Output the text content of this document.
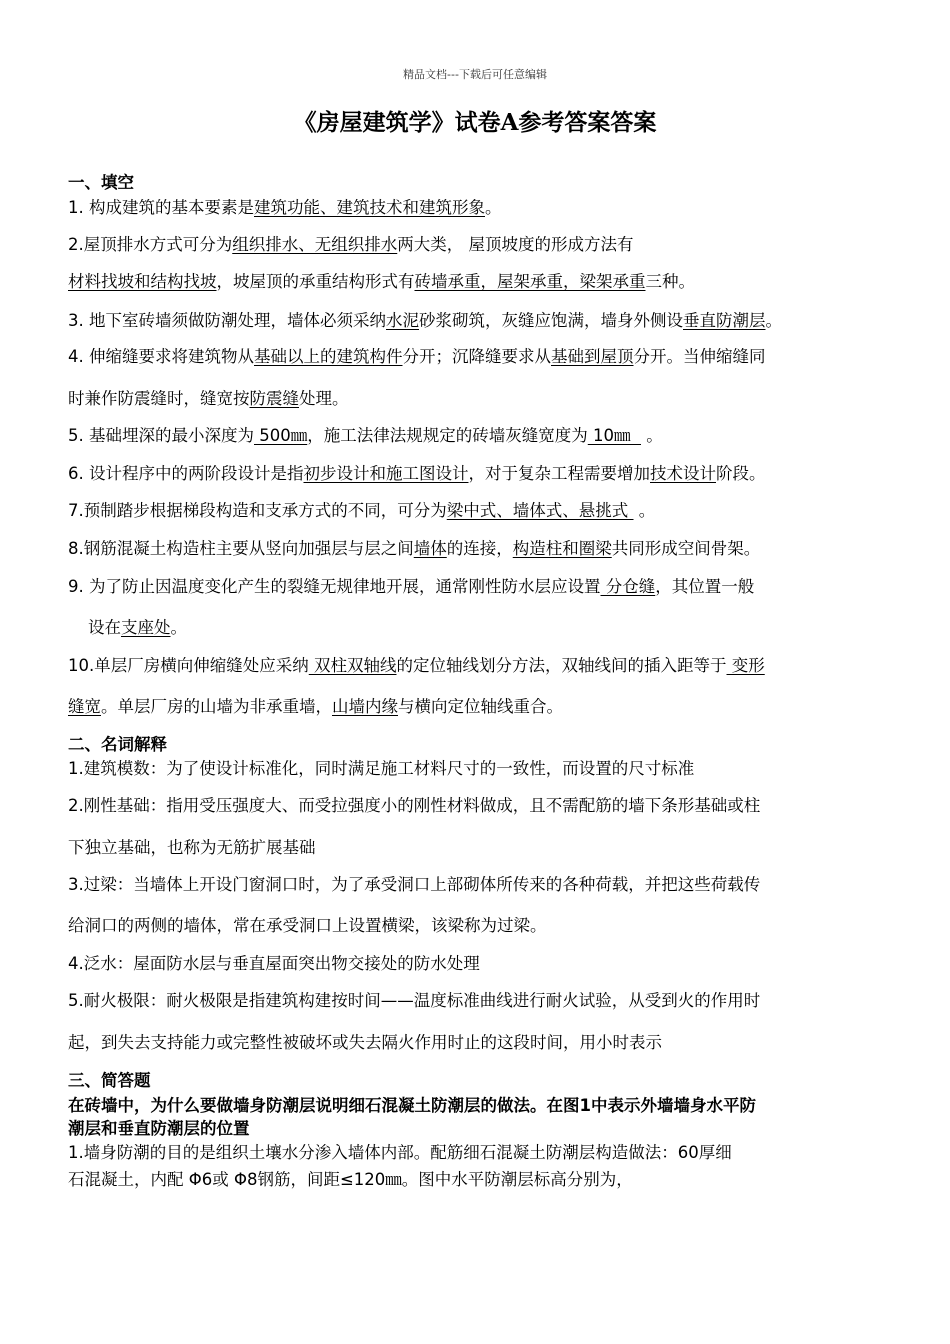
精品文档---下载后可任意编辑
《房屋建筑学》试卷A参考答案答案
一、填空
1. 构成建筑的基本要素是建筑功能、建筑技术和建筑形象。
2.屋顶排水方式可分为组织排水、无组织排水两大类， 屋顶坡度的形成方法有
材料找坡和结构找坡，坡屋顶的承重结构形式有砖墙承重，屋架承重，梁架承重三种。
3. 地下室砖墙须做防潮处理，墙体必须采纳水泥砂浆砌筑，灰缝应饱满，墙身外侧设垂直防潮层。
4. 伸缩缝要求将建筑物从基础以上的建筑构件分开；沉降缝要求从基础到屋顶分开。当伸缩缝同
时兼作防震缝时，缝宽按防震缝处理。
5. 基础埋深的最小深度为 500㎜，施工法律法规规定的砖墙灰缝宽度为 10㎜   。
6. 设计程序中的两阶段设计是指初步设计和施工图设计，对于复杂工程需要增加技术设计阶段。
7.预制踏步根据梯段构造和支承方式的不同，可分为梁中式、墙体式、悬挑式  。
8.钢筋混凝土构造柱主要从竖向加强层与层之间墙体的连接，构造柱和圈梁共同形成空间骨架。
9. 为了防止因温度变化产生的裂缝无规律地开展，通常刚性防水层应设置 分仓缝，其位置一般
设在支座处。
10.单层厂房横向伸缩缝处应采纳 双柱双轴线的定位轴线划分方法，双轴线间的插入距等于 变形
缝宽。单层厂房的山墙为非承重墙，山墙内缘与横向定位轴线重合。
二、名词解释
1.建筑模数：为了使设计标准化，同时满足施工材料尺寸的一致性，而设置的尺寸标准
2.刚性基础：指用受压强度大、而受拉强度小的刚性材料做成，且不需配筋的墙下条形基础或柱
下独立基础，也称为无筋扩展基础
3.过梁：当墙体上开设门窗洞口时，为了承受洞口上部砌体所传来的各种荷载，并把这些荷载传
给洞口的两侧的墙体，常在承受洞口上设置横梁，该梁称为过梁。
4.泛水：屋面防水层与垂直屋面突出物交接处的防水处理
5.耐火极限：耐火极限是指建筑构建按时间——温度标准曲线进行耐火试验，从受到火的作用时
起，到失去支持能力或完整性被破坏或失去隔火作用时止的这段时间，用小时表示
三、简答题
在砖墙中，为什么要做墙身防潮层说明细石混凝土防潮层的做法。在图1中表示外墙墙身水平防
潮层和垂直防潮层的位置
1.墙身防潮的目的是组织土壤水分渗入墙体内部。配筋细石混凝土防潮层构造做法：60厚细
石混凝土，内配 Φ6或 Φ8钢筋，间距≤120㎜。图中水平防潮层标高分别为，
